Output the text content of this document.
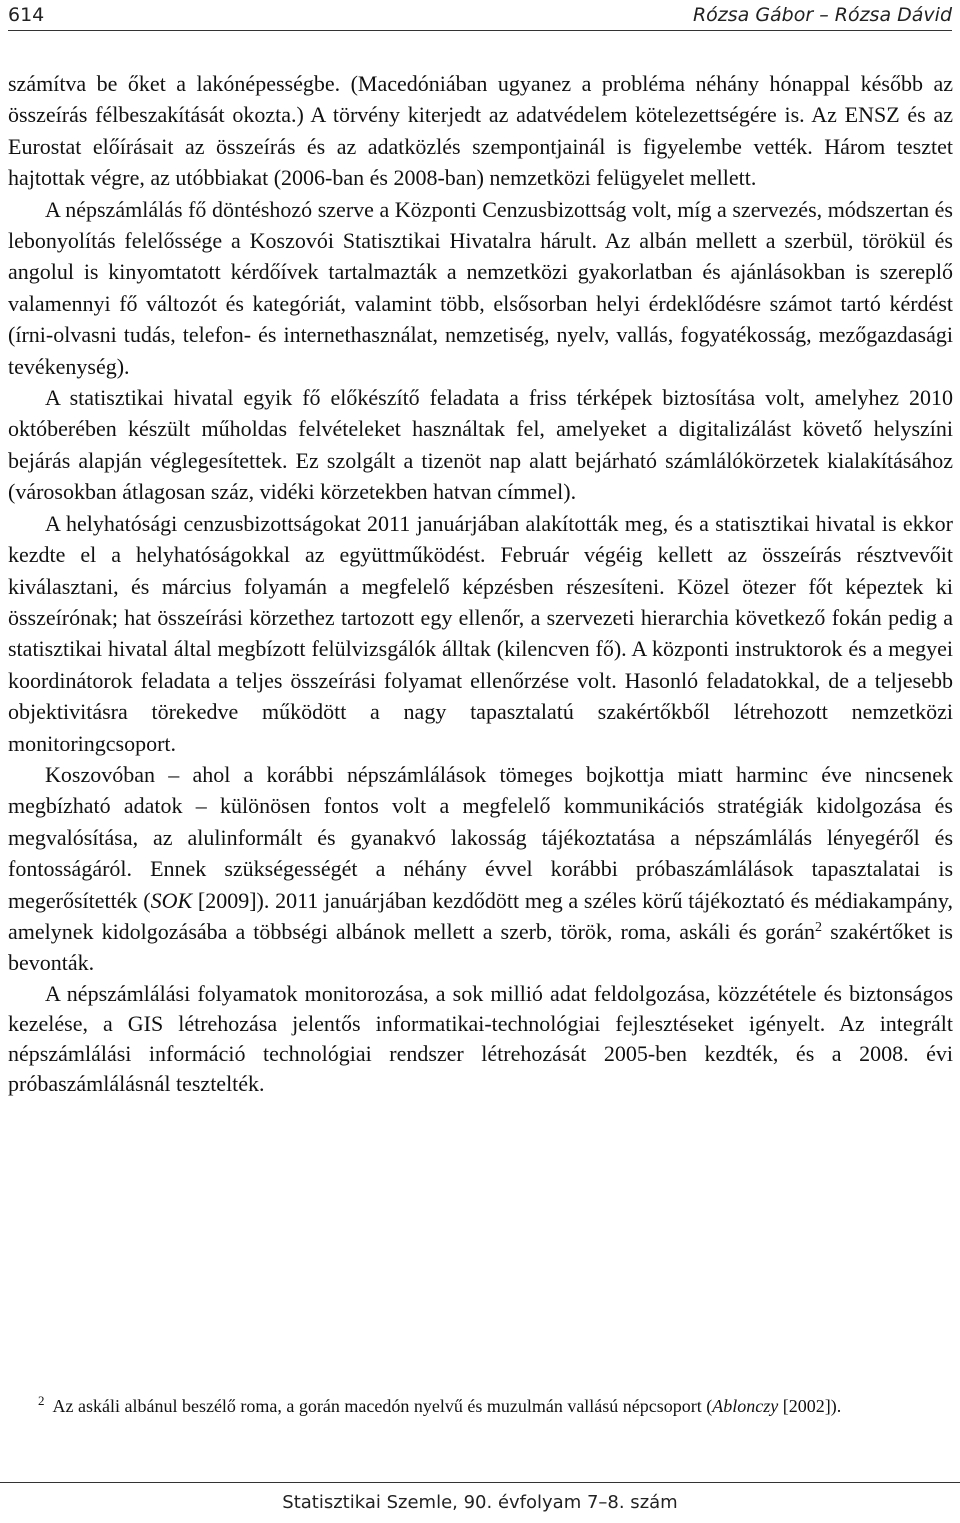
614	Rózsa Gábor – Rózsa Dávid

számítva be őket a lakónépességbe. (Macedóniában ugyanez a probléma néhány hónappal később az összeírás félbeszakítását okozta.) A törvény kiterjedt az adatvédelem kötelezettségére is. Az ENSZ és az Eurostat előírásait az összeírás és az adatközlés szempontjainál is figyelembe vették. Három tesztet hajtottak végre, az utóbbiakat (2006-ban és 2008-ban) nemzetközi felügyelet mellett.

A népszámlálás fő döntéshozó szerve a Központi Cenzusbizottság volt, míg a szervezés, módszertan és lebonyolítás felelőssége a Koszovói Statisztikai Hivatalra hárult. Az albán mellett a szerbül, törökül és angolul is kinyomtatott kérdőívek tartalmazták a nemzetközi gyakorlatban és ajánlásokban is szereplő valamennyi fő változót és kategóriát, valamint több, elsősorban helyi érdeklődésre számot tartó kérdést (írni-olvasni tudás, telefon- és internethasználat, nemzetiség, nyelv, vallás, fogyatékosság, mezőgazdasági tevékenység).

A statisztikai hivatal egyik fő előkészítő feladata a friss térképek biztosítása volt, amelyhez 2010 októberében készült műholdas felvételeket használtak fel, amelyeket a digitalizálást követő helyszíni bejárás alapján véglegesítettek. Ez szolgált a tizenöt nap alatt bejárható számlálókörzetek kialakításához (városokban átlagosan száz, vidéki körzetekben hatvan címmel).

A helyhatósági cenzusbizottságokat 2011 januárjában alakították meg, és a statisztikai hivatal is ekkor kezdte el a helyhatóságokkal az együttműködést. Február végéig kellett az összeírás résztvevőit kiválasztani, és március folyamán a megfelelő képzésben részesíteni. Közel ötezer főt képeztek ki összeírónak; hat összeírási körzethez tartozott egy ellenőr, a szervezeti hierarchia következő fokán pedig a statisztikai hivatal által megbízott felülvizsgálók álltak (kilencven fő). A központi instruktorok és a megyei koordinátorok feladata a teljes összeírási folyamat ellenőrzése volt. Hasonló feladatokkal, de a teljesebb objektivitásra törekedve működött a nagy tapasztalatú szakértőkből létrehozott nemzetközi monitoringcsoport.

Koszovóban – ahol a korábbi népszámlálások tömeges bojkottja miatt harminc éve nincsenek megbízható adatok – különösen fontos volt a megfelelő kommunikációs stratégiák kidolgozása és megvalósítása, az alulinformált és gyanakvó lakosság tájékoztatása a népszámlálás lényegéről és fontosságáról. Ennek szükségességét a néhány évvel korábbi próbaszámlálások tapasztalatai is megerősítették (SOK [2009]). 2011 januárjában kezdődött meg a széles körű tájékoztató és médiakampány, amelynek kidolgozásába a többségi albánok mellett a szerb, török, roma, askáli és gorán$^2$ szakértőket is bevonták.

A népszámlálási folyamatok monitorozása, a sok millió adat feldolgozása, közzététele és biztonságos kezelése, a GIS létrehozása jelentős informatikai-technológiai fejlesztéseket igényelt. Az integrált népszámlálási információ technológiai rendszer létrehozását 2005-ben kezdték, és a 2008. évi próbaszámlálásnál tesztelték.

$^2$ Az askáli albánul beszélő roma, a gorán macedón nyelvű és muzulmán vallású népcsoport (Ablonczy [2002]).

Statisztikai Szemle, 90. évfolyam 7–8. szám
